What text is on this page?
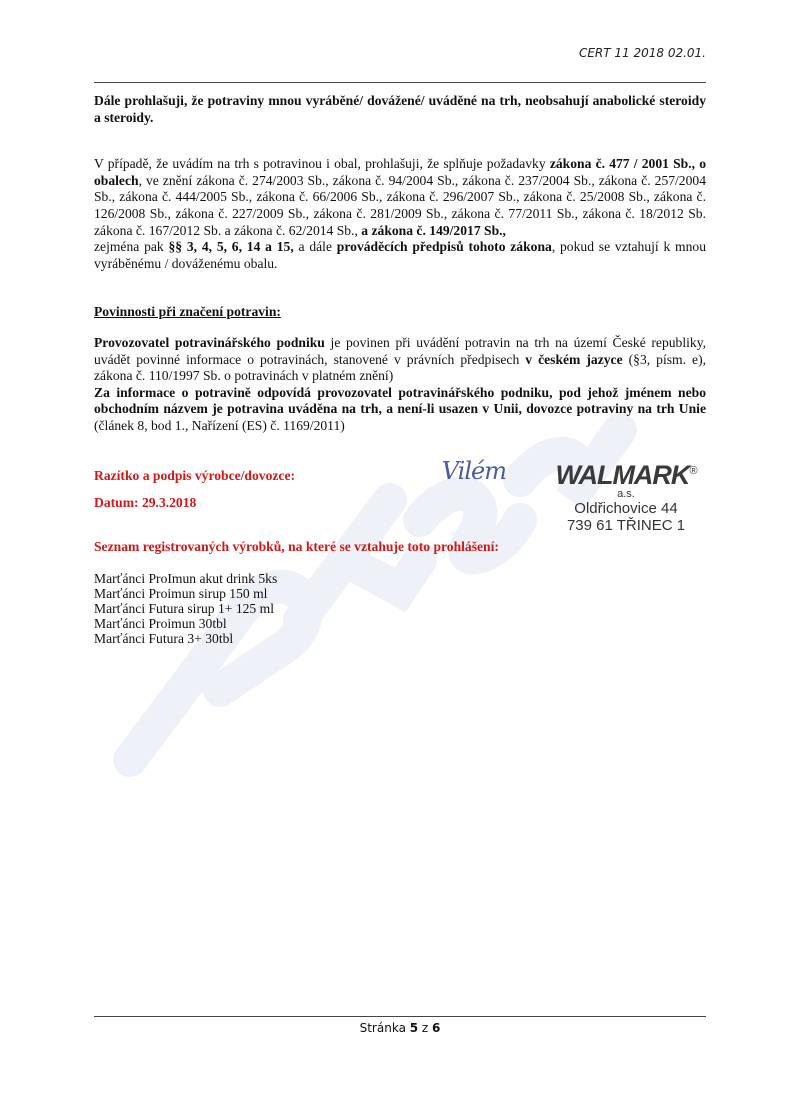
CERT 11 2018 02.01.
Dále prohlašuji, že potraviny mnou vyráběné/ dovážené/ uváděné na trh, neobsahují anabolické steroidy a steroidy.
V případě, že uvádím na trh s potravinou i obal, prohlašuji, že splňuje požadavky zákona č. 477 / 2001 Sb., o obalech, ve znění zákona č. 274/2003 Sb., zákona č. 94/2004 Sb., zákona č. 237/2004 Sb., zákona č. 257/2004 Sb., zákona č. 444/2005 Sb., zákona č. 66/2006 Sb., zákona č. 296/2007 Sb., zákona č. 25/2008 Sb., zákona č. 126/2008 Sb., zákona č. 227/2009 Sb., zákona č. 281/2009 Sb., zákona č. 77/2011 Sb., zákona č. 18/2012 Sb. zákona č. 167/2012 Sb. a zákona č. 62/2014 Sb., a zákona č. 149/2017 Sb.,
zejména pak §§ 3, 4, 5, 6, 14 a 15, a dále prováděcích předpisů tohoto zákona, pokud se vztahují k mnou vyráběnému / dováženému obalu.
Povinnosti při značení potravin:
Provozovatel potravinářského podniku je povinen při uvádění potravin na trh na území České republiky, uvádět povinné informace o potravinách, stanovené v právních předpisech v českém jazyce (§3, písm. e), zákona č. 110/1997 Sb. o potravinách v platném znění)
Za informace o potravině odpovídá provozovatel potravinářského podniku, pod jehož jménem nebo obchodním názvem je potravina uváděna na trh, a není-li usazen v Unii, dovozce potraviny na trh Unie (článek 8, bod 1., Nařízení (ES) č. 1169/2011)
Razítko a podpis výrobce/dovozce:
Datum: 29.3.2018
Vilém	WALMARK®
a.s.
Oldřichovice 44
739 61 TŘINEC 1
Seznam registrovaných výrobků, na které se vztahuje toto prohlášení:
Marťánci ProImun akut drink 5ks
Marťánci Proimun sirup 150 ml
Marťánci Futura sirup 1+ 125 ml
Marťánci Proimun 30tbl
Marťánci Futura 3+ 30tbl
Stránka 5 z 6
